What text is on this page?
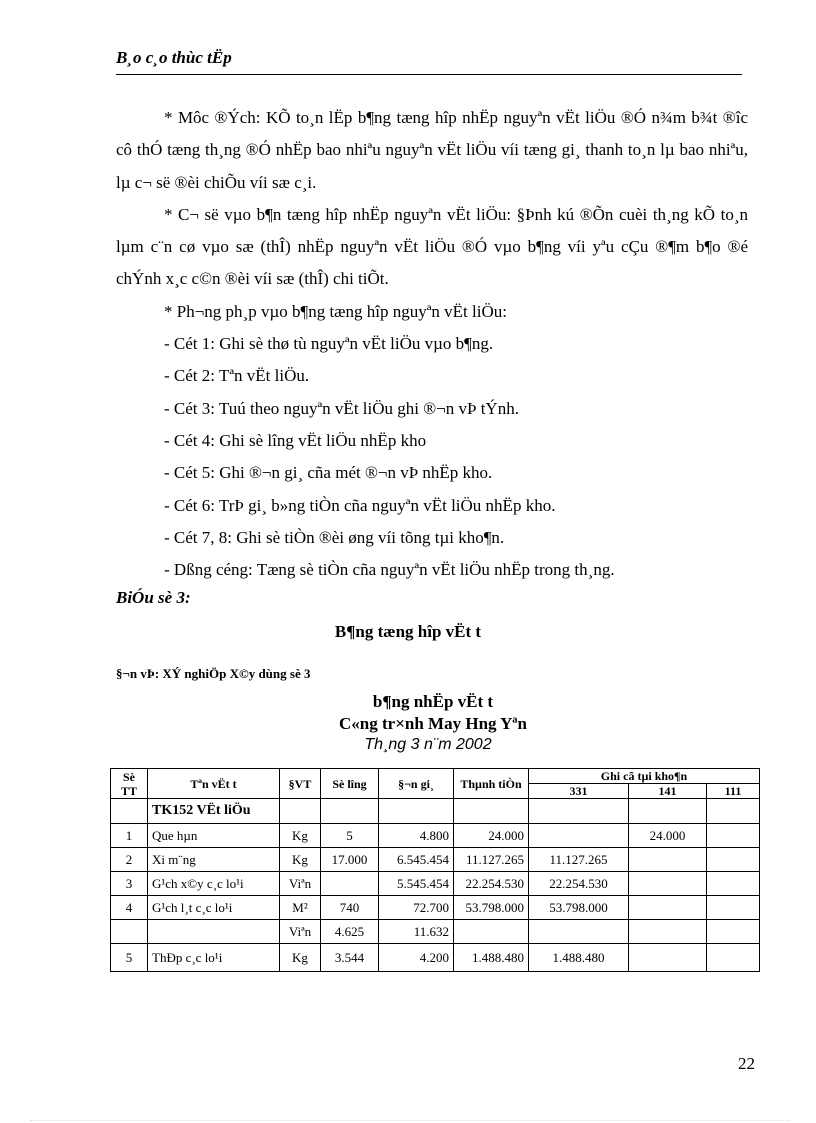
B¸o c¸o thùc tËp

* Môc ®Ých: KÕ to¸n lËp b¶ng tæng hîp nhËp nguyªn vËt liÖu ®Ó n¾m b¾t ®îc cô thÓ tæng th¸ng ®Ó nhËp bao nhiªu nguyªn vËt liÖu víi tæng gi¸ thanh to¸n lµ bao nhiªu, lµ c¬ së ®èi chiÕu víi sæ c¸i.

* C¬ së vµo b¶n tæng hîp nhËp nguyªn vËt liÖu: §Þnh kú ®Õn cuèi th¸ng kÕ to¸n lµm c¨n cø vµo sæ (thÎ) nhËp nguyªn vËt liÖu ®Ó vµo b¶ng víi yªu cÇu ®¶m b¶o ®é chÝnh x¸c c©n ®èi víi sæ (thÎ) chi tiÕt.

* Ph¬ng ph¸p vµo b¶ng tæng hîp nguyªn vËt liÖu:

- Cét 1: Ghi sè thø tù nguyªn vËt liÖu vµo b¶ng.

- Cét 2: Tªn vËt liÖu.

- Cét 3: Tuú theo nguyªn vËt liÖu ghi ®¬n vÞ tÝnh.

- Cét 4: Ghi sè lîng vËt liÖu nhËp kho

- Cét 5: Ghi ®¬n gi¸ cña mét ®¬n vÞ nhËp kho.

- Cét 6: TrÞ gi¸ b»ng tiÒn cña nguyªn vËt liÖu nhËp kho.

- Cét 7, 8: Ghi sè tiÒn ®èi øng víi tõng tµi kho¶n.

- Dßng céng: Tæng sè tiÒn cña nguyªn vËt liÖu nhËp trong th¸ng.

BiÓu sè 3:
B¶ng tæng hîp vËt t
§¬n vÞ: XÝ nghiÖp X©y dùng sè 3
b¶ng nhËp vËt t
C«ng tr×nh May Hng Yªn
Th¸ng 3 n¨m 2002
Sè TT	Tªn vËt t	§VT	Sè lîng	§¬n gi¸	Thµnh tiÒn	Ghi cã tµi kho¶n		
						331	141	111
	TK152 VËt liÖu							
1	Que hµn	Kg	5	4.800	24.000		24.000	
2	Xi m¨ng	Kg	17.000	6.545.454	11.127.265	11.127.265		
3	G¹ch x©y c¸c lo¹i	Viªn		5.545.454	22.254.530	22.254.530		
4	G¹ch l¸t c¸c lo¹i	M²	740	72.700	53.798.000	53.798.000		
		Viªn	4.625	11.632				
5	ThÐp c¸c lo¹i	Kg	3.544	4.200	1.488.480	1.488.480		
22
